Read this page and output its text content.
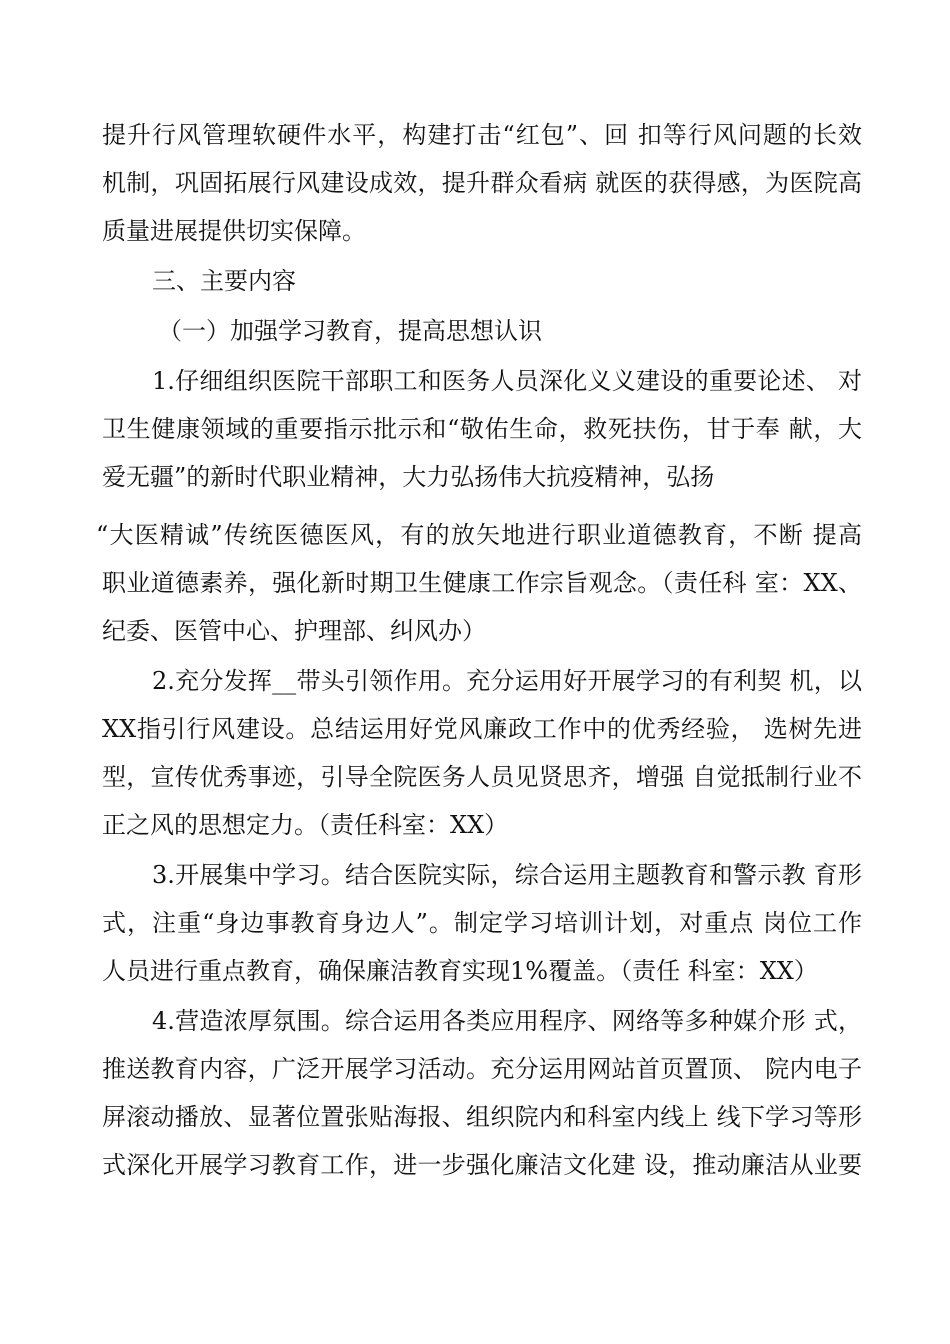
提升行风管理软硬件水平，构建打击“红包”、回 扣等行风问题的长效
机制，巩固拓展行风建设成效，提升群众看病 就医的获得感，为医院高
质量进展提供切实保障。
三、主要内容
（一）加强学习教育，提高思想认识
1.仔细组织医院干部职工和医务人员深化义义建设的重要论述、 对
卫生健康领域的重要指示批示和“敬佑生命，救死扶伤，甘于奉 献，大
爱无疆”的新时代职业精神，大力弘扬伟大抗疫精神，弘扬
“大医精诚”传统医德医风，有的放矢地进行职业道德教育，不断 提高
职业道德素养，强化新时期卫生健康工作宗旨观念。（责任科 室：XX、
纪委、医管中心、护理部、纠风办）
2.充分发挥__带头引领作用。充分运用好开展学习的有利契 机，以
XX指引行风建设。总结运用好党风廉政工作中的优秀经验， 选树先进
型，宣传优秀事迹，引导全院医务人员见贤思齐，增强 自觉抵制行业不
正之风的思想定力。（责任科室：XX）
3.开展集中学习。结合医院实际，综合运用主题教育和警示教 育形
式，注重“身边事教育身边人”。制定学习培训计划，对重点 岗位工作
人员进行重点教育，确保廉洁教育实现1%覆盖。（责任 科室：XX）
4.营造浓厚氛围。综合运用各类应用程序、网络等多种媒介形 式，
推送教育内容，广泛开展学习活动。充分运用网站首页置顶、 院内电子
屏滚动播放、显著位置张贴海报、组织院内和科室内线上 线下学习等形
式深化开展学习教育工作，进一步强化廉洁文化建 设，推动廉洁从业要
